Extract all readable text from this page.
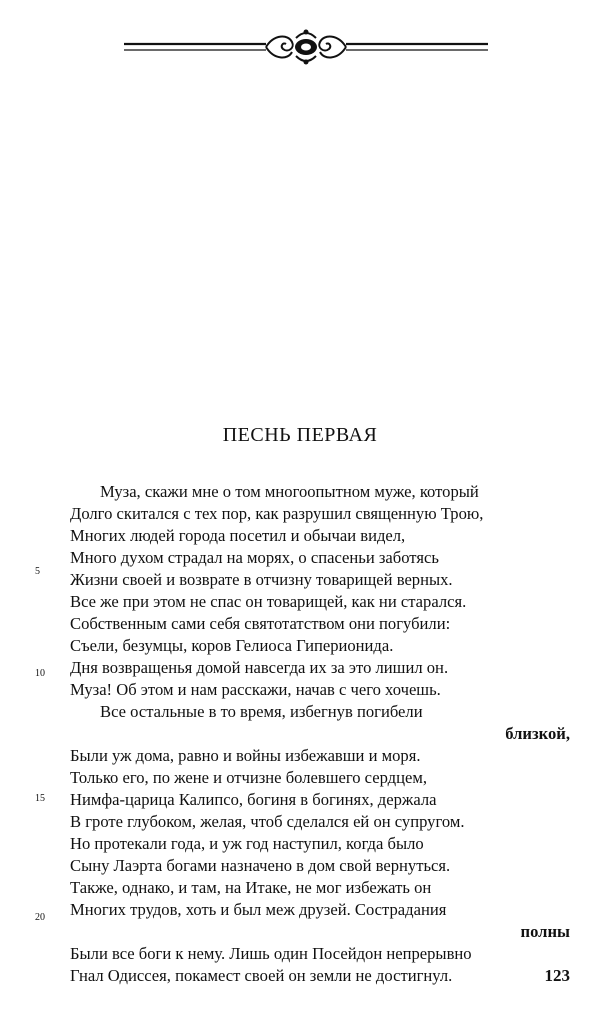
ПЕСНЬ ПЕРВАЯ
Муза, скажи мне о том многоопытном муже, который
Долго скитался с тех пор, как разрушил священную Трою,
Многих людей города посетил и обычаи видел,
Много духом страдал на морях, о спасеньи заботясь
Жизни своей и возврате в отчизну товарищей верных.
Все же при этом не спас он товарищей, как ни старался.
Собственным сами себя святотатством они погубили:
Съели, безумцы, коров Гелиоса Гиперионида.
Дня возвращенья домой навсегда их за это лишил он.
Муза! Об этом и нам расскажи, начав с чего хочешь.
Все остальные в то время, избегнув погибели
близкой,
Были уж дома, равно и войны избежавши и моря.
Только его, по жене и отчизне болевшего сердцем,
Нимфа-царица Калипсо, богиня в богинях, держала
В гроте глубоком, желая, чтоб сделался ей он супругом.
Но протекали года, и уж год наступил, когда было
Сыну Лаэрта богами назначено в дом свой вернуться.
Также, однако, и там, на Итаке, не мог избежать он
Многих трудов, хоть и был меж друзей. Сострадания
полны
Были все боги к нему. Лишь один Посейдон непрерывно
Гнал Одиссея, покамест своей он земли не достигнул.
5
10
15
20
123
